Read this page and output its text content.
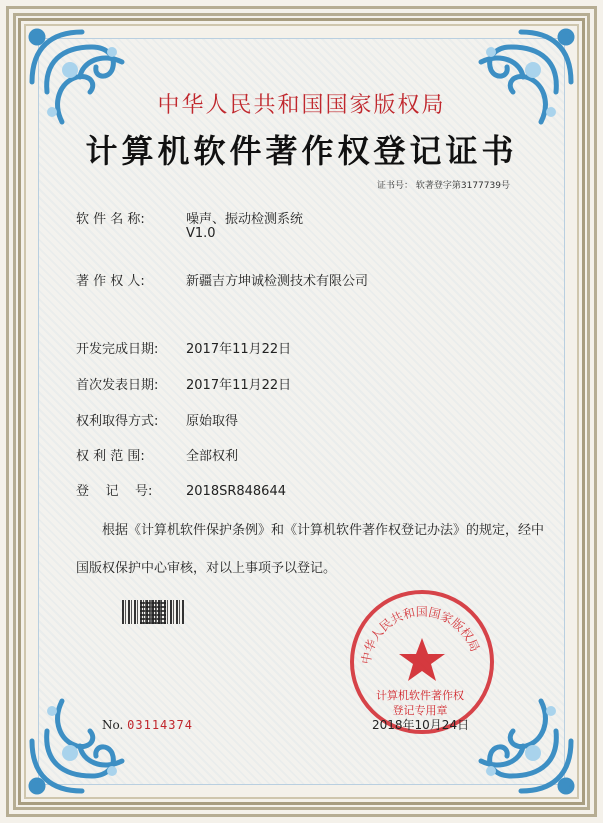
中华人民共和国国家版权局
计算机软件著作权登记证书
证书号： 软著登字第3177739号
软 件 名 称:	噪声、振动检测系统
V1.0
著 作 权 人:	新疆吉方坤诚检测技术有限公司
开发完成日期: 2017年11月22日
首次发表日期: 2017年11月22日
权利取得方式: 原始取得
权 利 范 围:	全部权利
登    记    号:	2018SR848644
根据《计算机软件保护条例》和《计算机软件著作权登记办法》的规定，经中国版权保护中心审核，对以上事项予以登记。
中华人民共和国国家版权局
计算机软件著作权
登记专用章
No. 03114374	2018年10月24日
